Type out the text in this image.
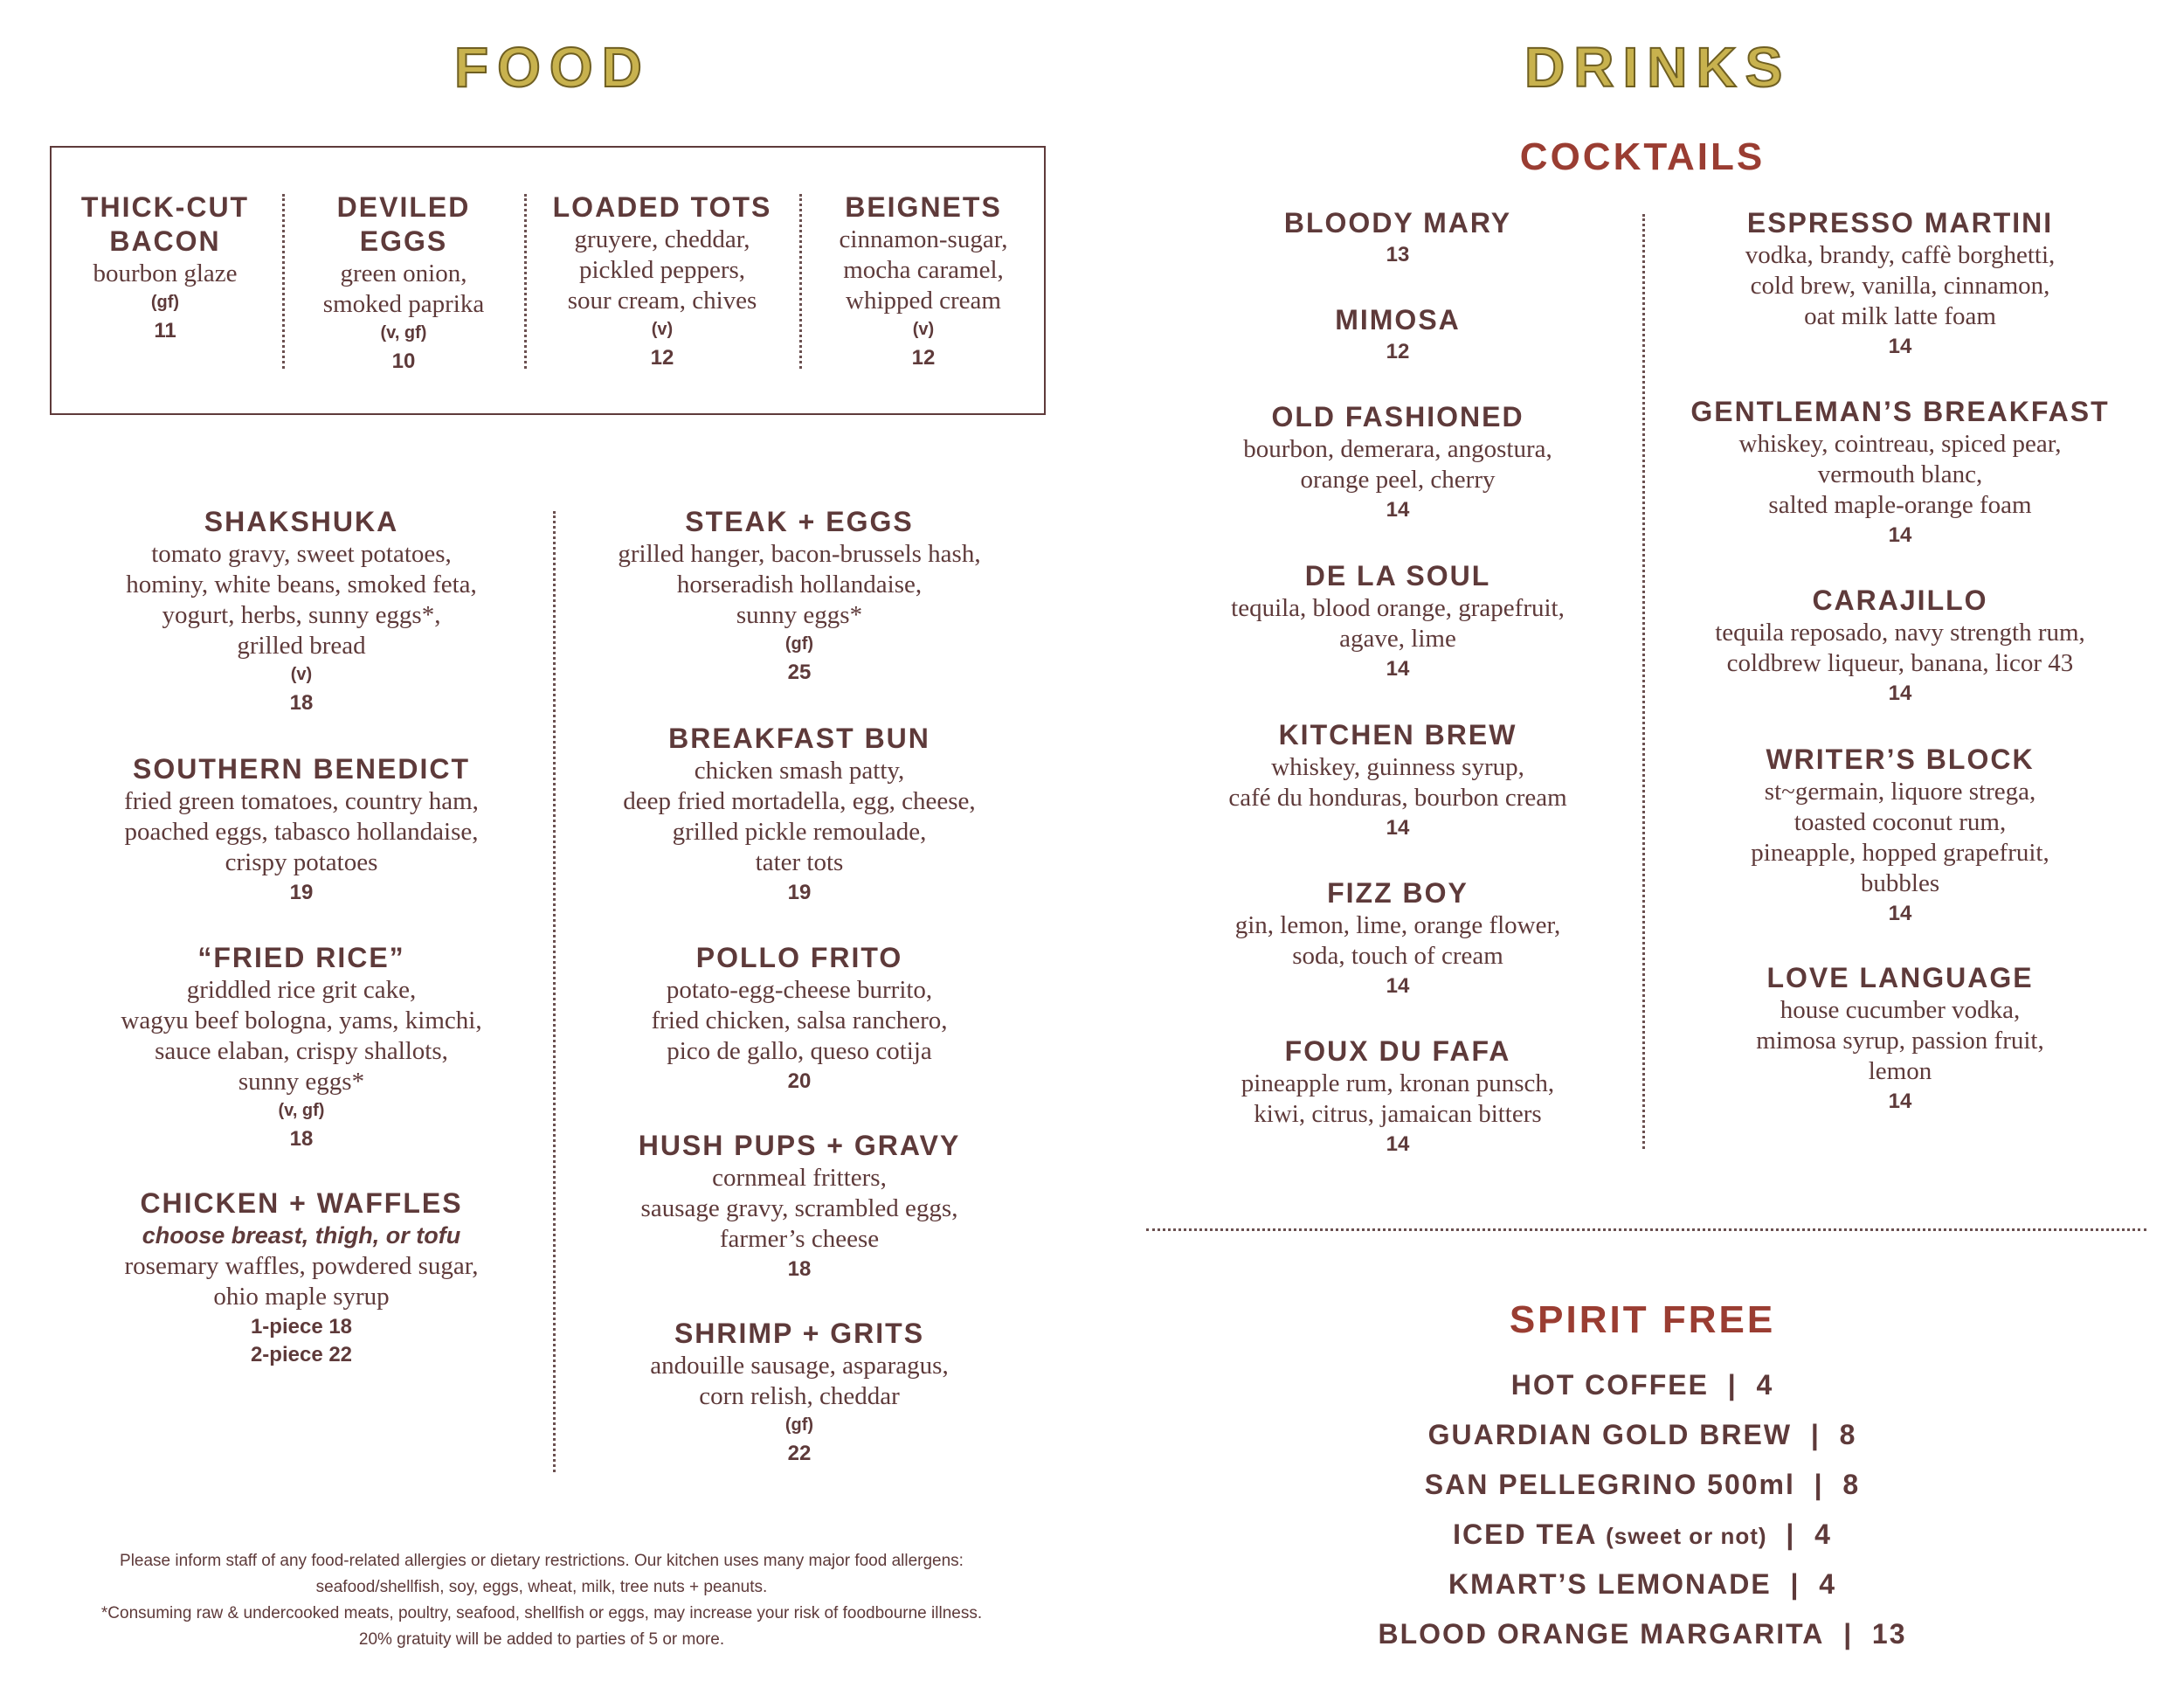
FOOD	DRINKS
THICK-CUT
BACON
bourbon glaze
(gf)
11
DEVILED
EGGS
green onion,
smoked paprika
(v, gf)
10
LOADED TOTS
gruyere, cheddar,
pickled peppers,
sour cream, chives
(v)
12
BEIGNETS
cinnamon-sugar,
mocha caramel,
whipped cream
(v)
12
SHAKSHUKA
tomato gravy, sweet potatoes,
hominy, white beans, smoked feta,
yogurt, herbs, sunny eggs*,
grilled bread
(v)
18
SOUTHERN BENEDICT
fried green tomatoes, country ham,
poached eggs, tabasco hollandaise,
crispy potatoes
19
“FRIED RICE”
griddled rice grit cake,
wagyu beef bologna, yams, kimchi,
sauce elaban, crispy shallots,
sunny eggs*
(v, gf)
18
CHICKEN + WAFFLES
choose breast, thigh, or tofu
rosemary waffles, powdered sugar,
ohio maple syrup
1-piece 18
2-piece 22
STEAK + EGGS
grilled hanger, bacon-brussels hash,
horseradish hollandaise,
sunny eggs*
(gf)
25
BREAKFAST BUN
chicken smash patty,
deep fried mortadella, egg, cheese,
grilled pickle remoulade,
tater tots
19
POLLO FRITO
potato-egg-cheese burrito,
fried chicken, salsa ranchero,
pico de gallo, queso cotija
20
HUSH PUPS + GRAVY
cornmeal fritters,
sausage gravy, scrambled eggs,
farmer’s cheese
18
SHRIMP + GRITS
andouille sausage, asparagus,
corn relish, cheddar
(gf)
22
Please inform staff of any food-related allergies or dietary restrictions. Our kitchen uses many major food allergens:
seafood/shellfish, soy, eggs, wheat, milk, tree nuts + peanuts.
*Consuming raw & undercooked meats, poultry, seafood, shellfish or eggs, may increase your risk of foodbourne illness.
20% gratuity will be added to parties of 5 or more.
COCKTAILS
BLOODY MARY
13
MIMOSA
12
OLD FASHIONED
bourbon, demerara, angostura,
orange peel, cherry
14
DE LA SOUL
tequila, blood orange, grapefruit,
agave, lime
14
KITCHEN BREW
whiskey, guinness syrup,
café du honduras, bourbon cream
14
FIZZ BOY
gin, lemon, lime, orange flower,
soda, touch of cream
14
FOUX DU FAFA
pineapple rum, kronan punsch,
kiwi, citrus, jamaican bitters
14
ESPRESSO MARTINI
vodka, brandy, caffè borghetti,
cold brew, vanilla, cinnamon,
oat milk latte foam
14
GENTLEMAN’S BREAKFAST
whiskey, cointreau, spiced pear,
vermouth blanc,
salted maple-orange foam
14
CARAJILLO
tequila reposado, navy strength rum,
coldbrew liqueur, banana, licor 43
14
WRITER’S BLOCK
st~germain, liquore strega,
toasted coconut rum,
pineapple, hopped grapefruit,
bubbles
14
LOVE LANGUAGE
house cucumber vodka,
mimosa syrup, passion fruit,
lemon
14
SPIRIT FREE
HOT COFFEE  |  4
GUARDIAN GOLD BREW  |  8
SAN PELLEGRINO 500ml  |  8
ICED TEA (sweet or not)  |  4
KMART’S LEMONADE  |  4
BLOOD ORANGE MARGARITA  |  13
